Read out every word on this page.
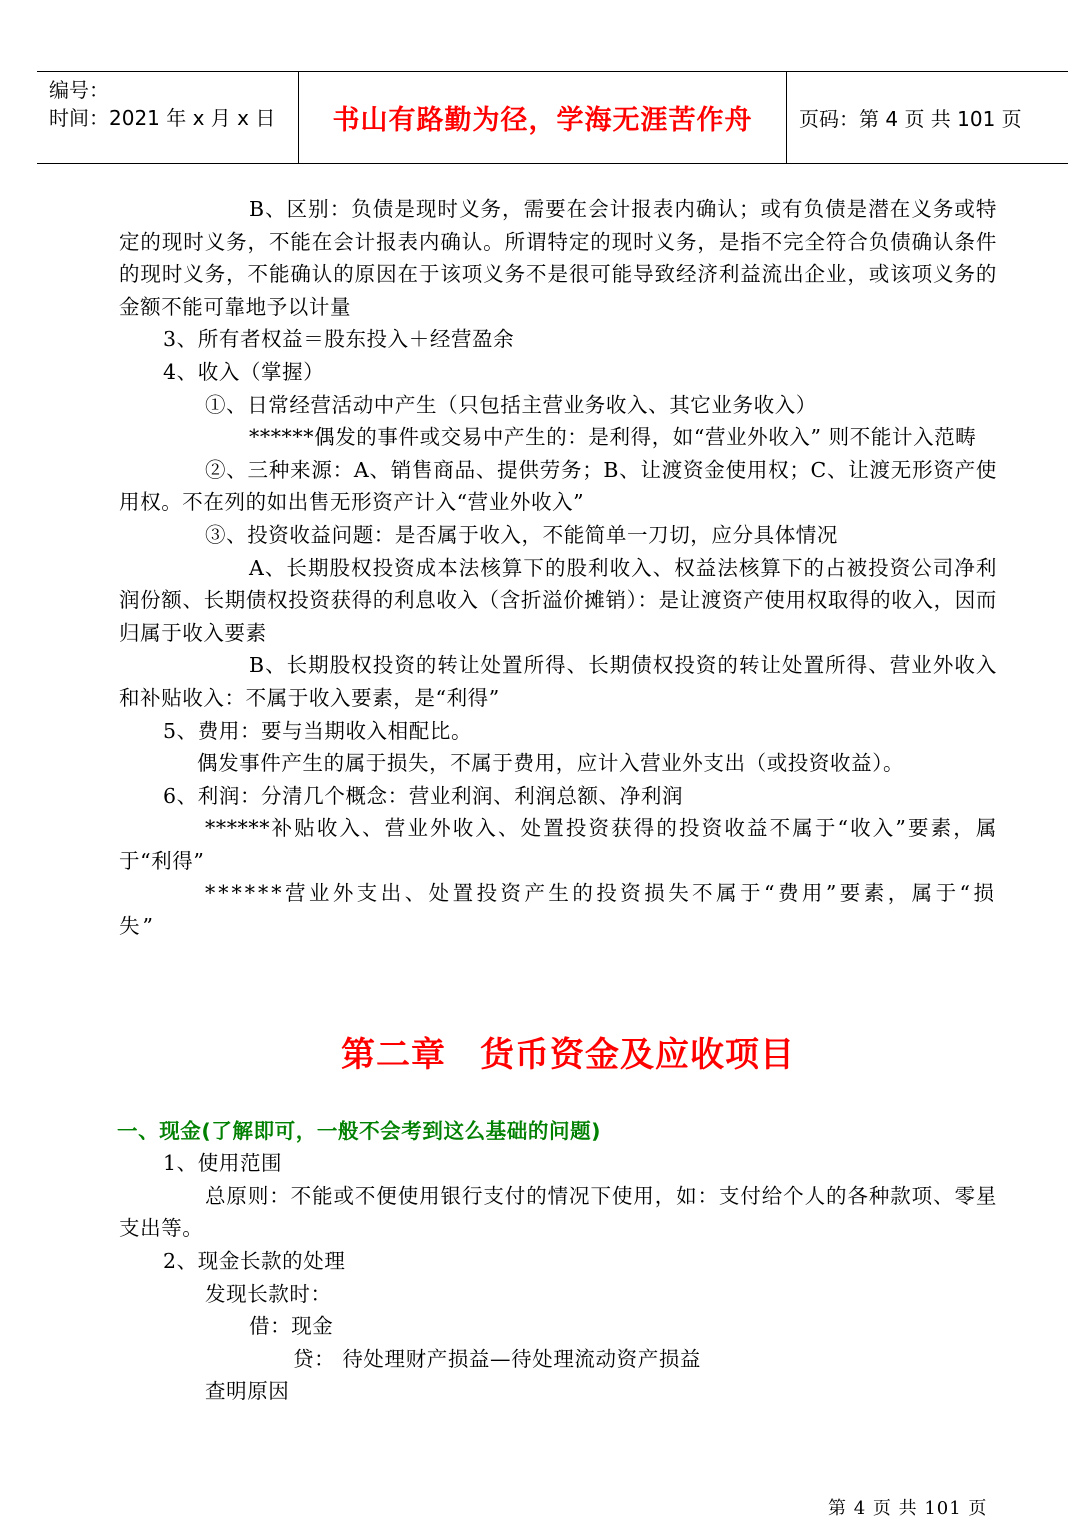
编号：
时间：2021 年 x 月 x 日	书山有路勤为径，学海无涯苦作舟	页码：第 4 页 共 101 页

B、区别：负债是现时义务，需要在会计报表内确认；或有负债是潜在义务或特定的现时义务，不能在会计报表内确认。所谓特定的现时义务，是指不完全符合负债确认条件的现时义务，不能确认的原因在于该项义务不是很可能导致经济利益流出企业，或该项义务的金额不能可靠地予以计量

3、所有者权益＝股东投入＋经营盈余

4、收入（掌握）

①、日常经营活动中产生（只包括主营业务收入、其它业务收入）

******偶发的事件或交易中产生的：是利得，如“营业外收入” 则不能计入范畴

②、三种来源：A、销售商品、提供劳务；B、让渡资金使用权；C、让渡无形资产使用权。不在列的如出售无形资产计入“营业外收入”

③、投资收益问题：是否属于收入，不能简单一刀切，应分具体情况

A、长期股权投资成本法核算下的股利收入、权益法核算下的占被投资公司净利润份额、长期债权投资获得的利息收入（含折溢价摊销）：是让渡资产使用权取得的收入，因而归属于收入要素

B、长期股权投资的转让处置所得、长期债权投资的转让处置所得、营业外收入和补贴收入：不属于收入要素，是“利得”

5、费用：要与当期收入相配比。

偶发事件产生的属于损失，不属于费用，应计入营业外支出（或投资收益）。

6、利润：分清几个概念：营业利润、利润总额、净利润

******补贴收入、营业外收入、处置投资获得的投资收益不属于“收入”要素，属于“利得”

******营业外支出、处置投资产生的投资损失不属于“费用”要素，属于“损失”

第二章 货币资金及应收项目
一、现金(了解即可，一般不会考到这么基础的问题)

1、使用范围

总原则：不能或不便使用银行支付的情况下使用，如：支付给个人的各种款项、零星支出等。

2、现金长款的处理

发现长款时：

借：现金

贷： 待处理财产损益—待处理流动资产损益

查明原因

第 4 页 共 101 页
